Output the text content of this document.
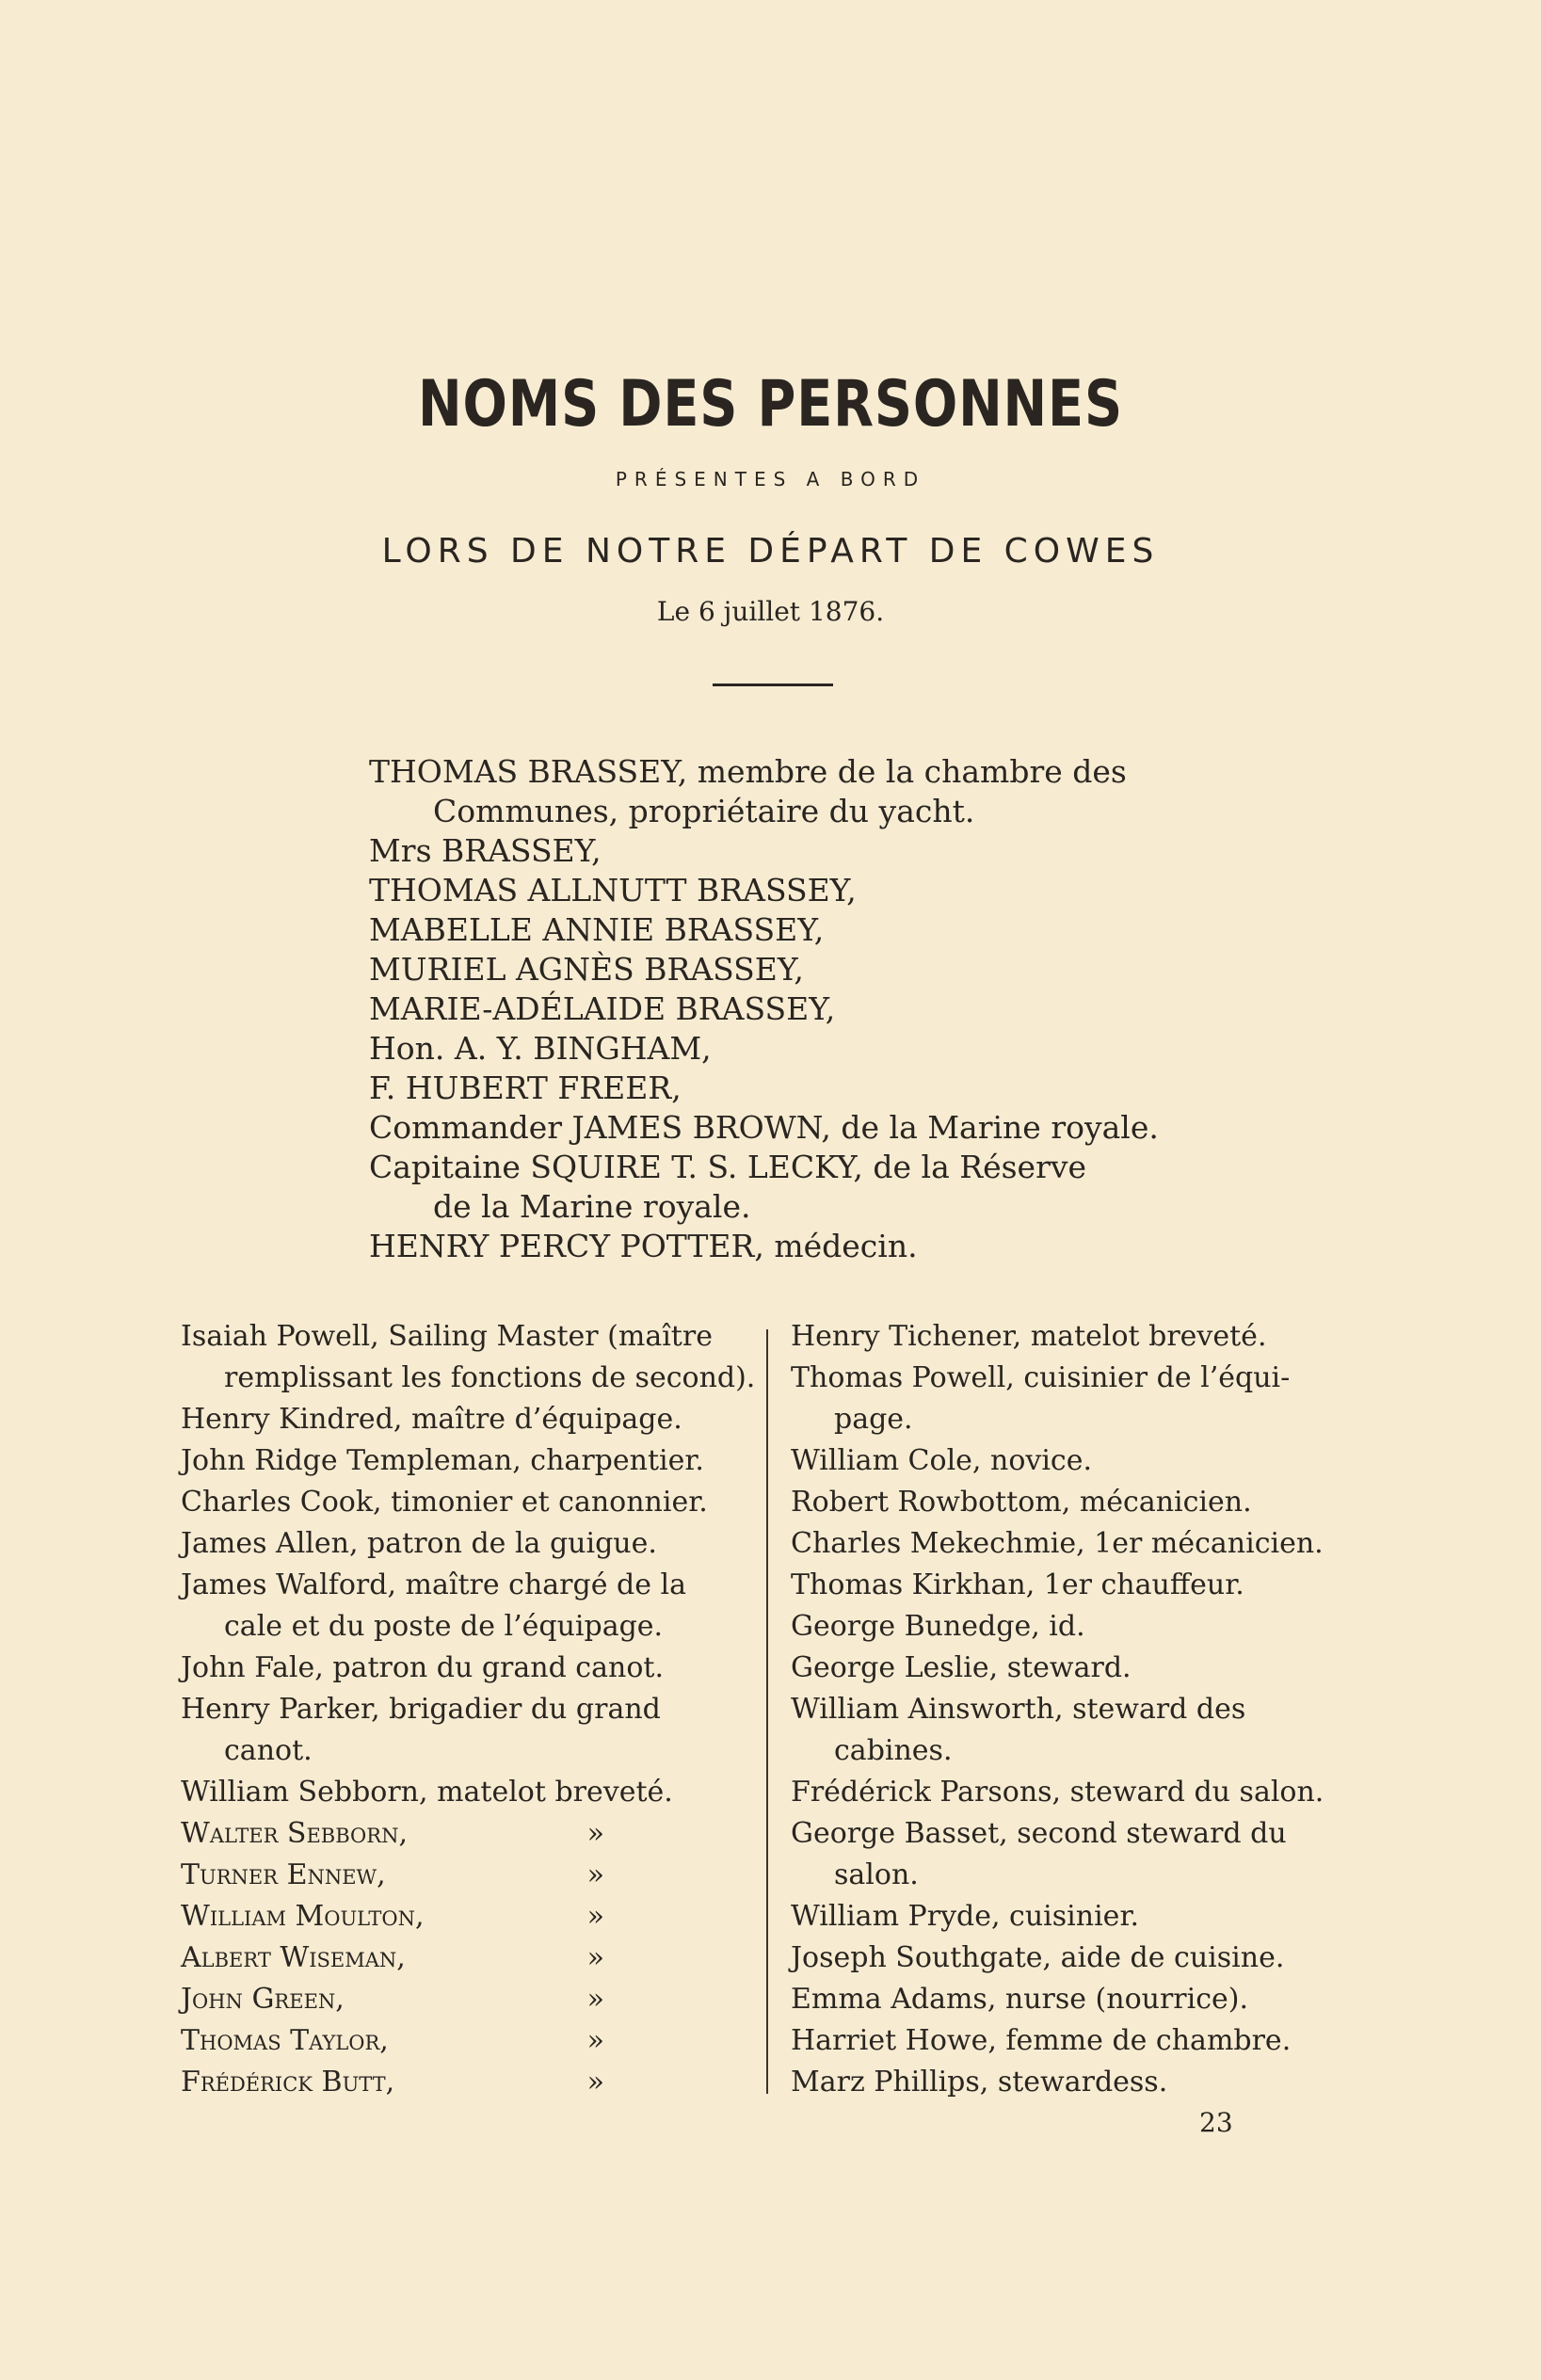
NOMS DES PERSONNES
PRÉSENTES A BORD
LORS DE NOTRE DÉPART DE COWES
Le 6 juillet 1876.
THOMAS BRASSEY, membre de la chambre des
Communes, propriétaire du yacht.
Mrs BRASSEY,
THOMAS ALLNUTT BRASSEY,
MABELLE ANNIE BRASSEY,
MURIEL AGNÈS BRASSEY,
MARIE-ADÉLAIDE BRASSEY,
Hon. A. Y. BINGHAM,
F. HUBERT FREER,
Commander JAMES BROWN, de la Marine royale.
Capitaine SQUIRE T. S. LECKY, de la Réserve
de la Marine royale.
HENRY PERCY POTTER, médecin.
Isaiah Powell, Sailing Master (maître
remplissant les fonctions de second).
Henry Kindred, maître d’équipage.
John Ridge Templeman, charpentier.
Charles Cook, timonier et canonnier.
James Allen, patron de la guigue.
James Walford, maître chargé de la
cale et du poste de l’équipage.
John Fale, patron du grand canot.
Henry Parker, brigadier du grand
canot.
William Sebborn, matelot breveté.
Walter Sebborn,	»
Turner Ennew,	»
William Moulton,	»
Albert Wiseman,	»
John Green,	»
Thomas Taylor,	»
Frédérick Butt,	»
Henry Tichener, matelot breveté.
Thomas Powell, cuisinier de l’équi-
page.
William Cole, novice.
Robert Rowbottom, mécanicien.
Charles Mekechmie, 1er mécanicien.
Thomas Kirkhan, 1er chauffeur.
George Bunedge, id.
George Leslie, steward.
William Ainsworth, steward des
cabines.
Frédérick Parsons, steward du salon.
George Basset, second steward du
salon.
William Pryde, cuisinier.
Joseph Southgate, aide de cuisine.
Emma Adams, nurse (nourrice).
Harriet Howe, femme de chambre.
Marz Phillips, stewardess.
23
